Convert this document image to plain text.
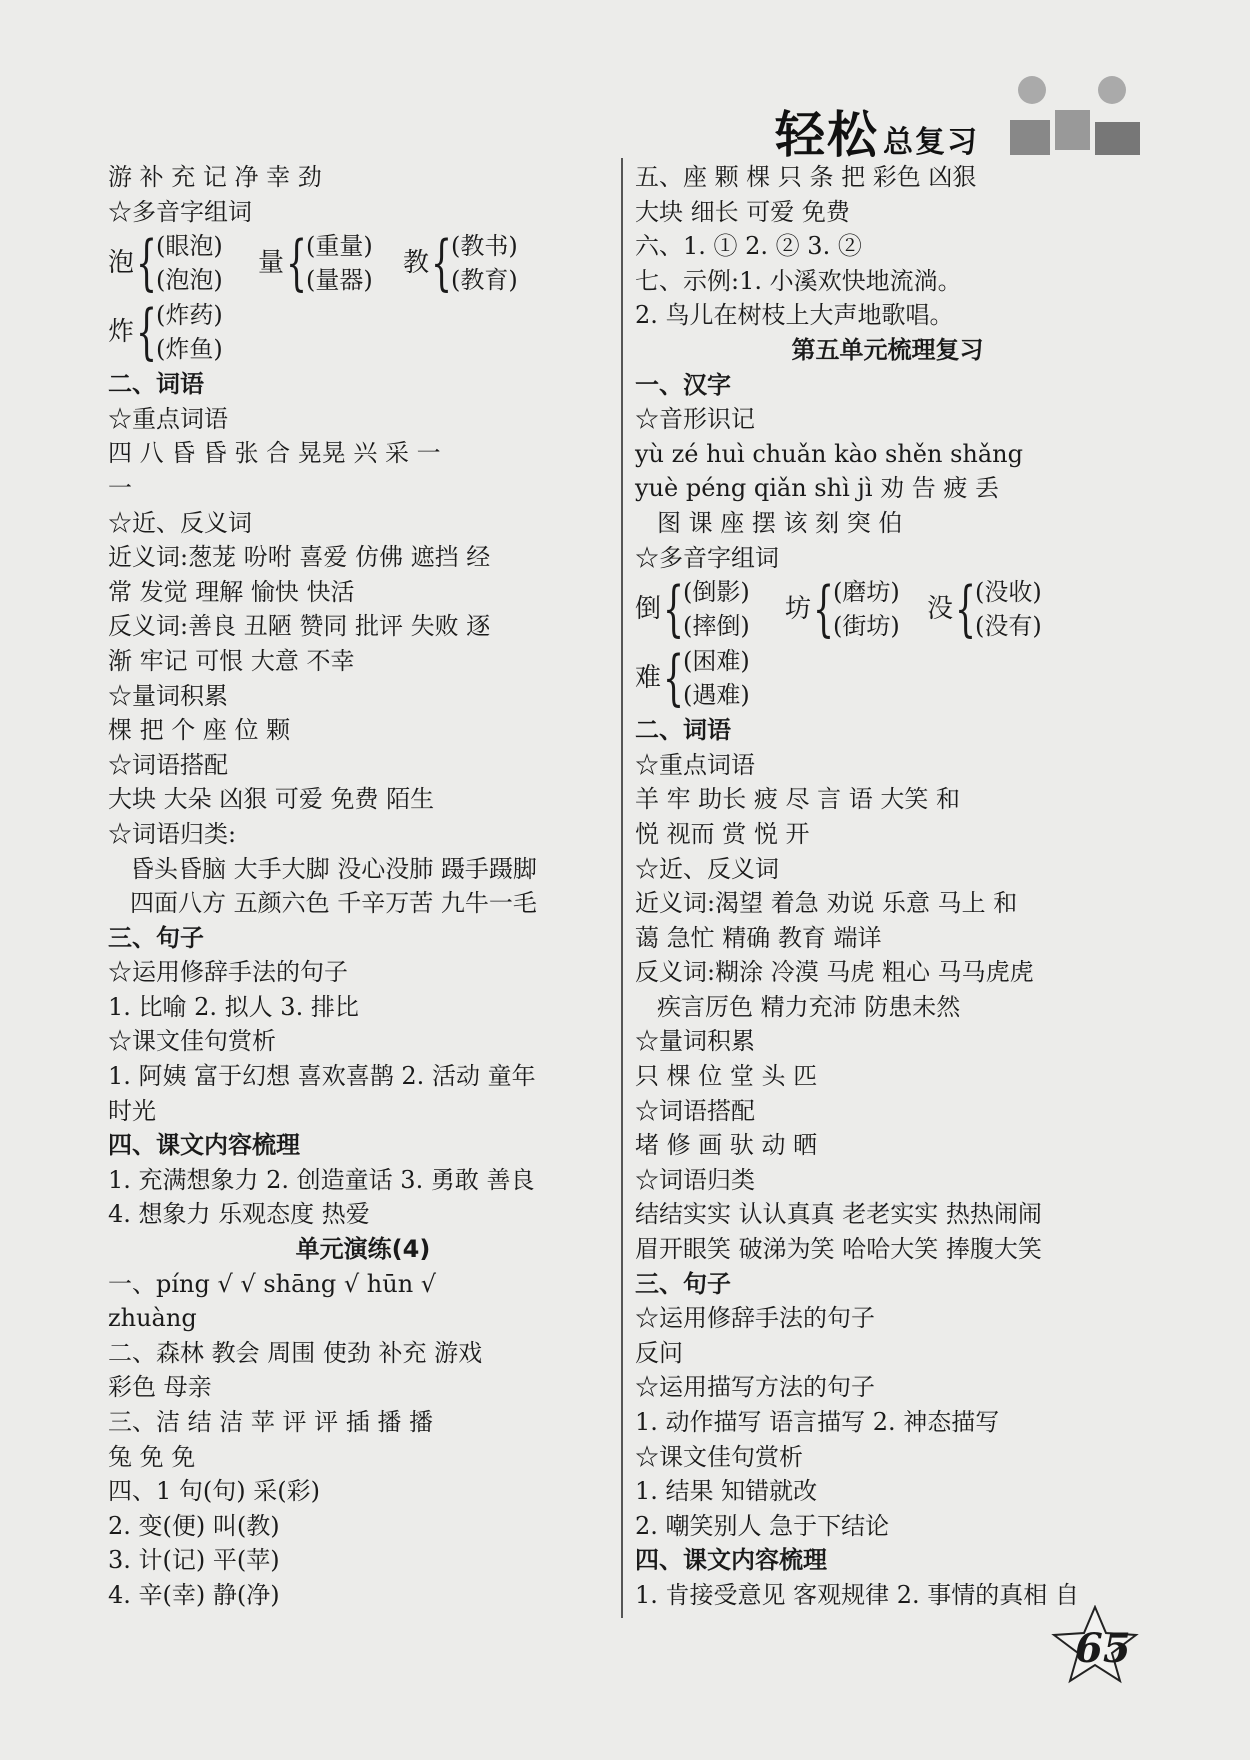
轻松 总复习
游 补 充 记 净 幸 劲
☆多音字组词
泡 {
(眼泡)
(泡泡)
量 {
(重量)
(量器)
教 {
(教书)
(教育)
炸 {
(炸药)
(炸鱼)
二、词语
☆重点词语
四 八 昏 昏 张 合 晃晃 兴 采 一
一
☆近、反义词
近义词:葱茏 吩咐 喜爱 仿佛 遮挡 经
常 发觉 理解 愉快 快活
反义词:善良 丑陋 赞同 批评 失败 逐
渐 牢记 可恨 大意 不幸
☆量词积累
棵 把 个 座 位 颗
☆词语搭配
大块 大朵 凶狠 可爱 免费 陌生
☆词语归类:
昏头昏脑 大手大脚 没心没肺 蹑手蹑脚
四面八方 五颜六色 千辛万苦 九牛一毛
三、句子
☆运用修辞手法的句子
1. 比喻 2. 拟人 3. 排比
☆课文佳句赏析
1. 阿姨 富于幻想 喜欢喜鹊 2. 活动 童年
时光
四、课文内容梳理
1. 充满想象力 2. 创造童话 3. 勇敢 善良
4. 想象力 乐观态度 热爱
单元演练(4)
一、píng √ √ shāng √ hūn √
zhuàng
二、森林 教会 周围 使劲 补充 游戏
彩色 母亲
三、洁 结 洁 苹 评 评 插 播 播
兔 免 免
四、1 句(句) 采(彩)
2. 变(便) 叫(教)
3. 计(记) 平(苹)
4. 辛(幸) 静(净)
五、座 颗 棵 只 条 把 彩色 凶狠
大块 细长 可爱 免费
六、1. ① 2. ② 3. ②
七、示例:1. 小溪欢快地流淌。
2. 鸟儿在树枝上大声地歌唱。
第五单元梳理复习
一、汉字
☆音形识记
yù zé huì chuǎn kào shěn shǎng
yuè péng qiǎn shì jì 劝 告 疲 丢
图 课 座 摆 该 刻 突 伯
☆多音字组词
倒 {
(倒影)
(摔倒)
坊 {
(磨坊)
(街坊)
没 {
(没收)
(没有)
难 {
(困难)
(遇难)
二、词语
☆重点词语
羊 牢 助长 疲 尽 言 语 大笑 和
悦 视而 赏 悦 开
☆近、反义词
近义词:渴望 着急 劝说 乐意 马上 和
蔼 急忙 精确 教育 端详
反义词:糊涂 冷漠 马虎 粗心 马马虎虎
疾言厉色 精力充沛 防患未然
☆量词积累
只 棵 位 堂 头 匹
☆词语搭配
堵 修 画 驮 动 晒
☆词语归类
结结实实 认认真真 老老实实 热热闹闹
眉开眼笑 破涕为笑 哈哈大笑 捧腹大笑
三、句子
☆运用修辞手法的句子
反问
☆运用描写方法的句子
1. 动作描写 语言描写 2. 神态描写
☆课文佳句赏析
1. 结果 知错就改
2. 嘲笑别人 急于下结论
四、课文内容梳理
1. 肯接受意见 客观规律 2. 事情的真相 自
65
